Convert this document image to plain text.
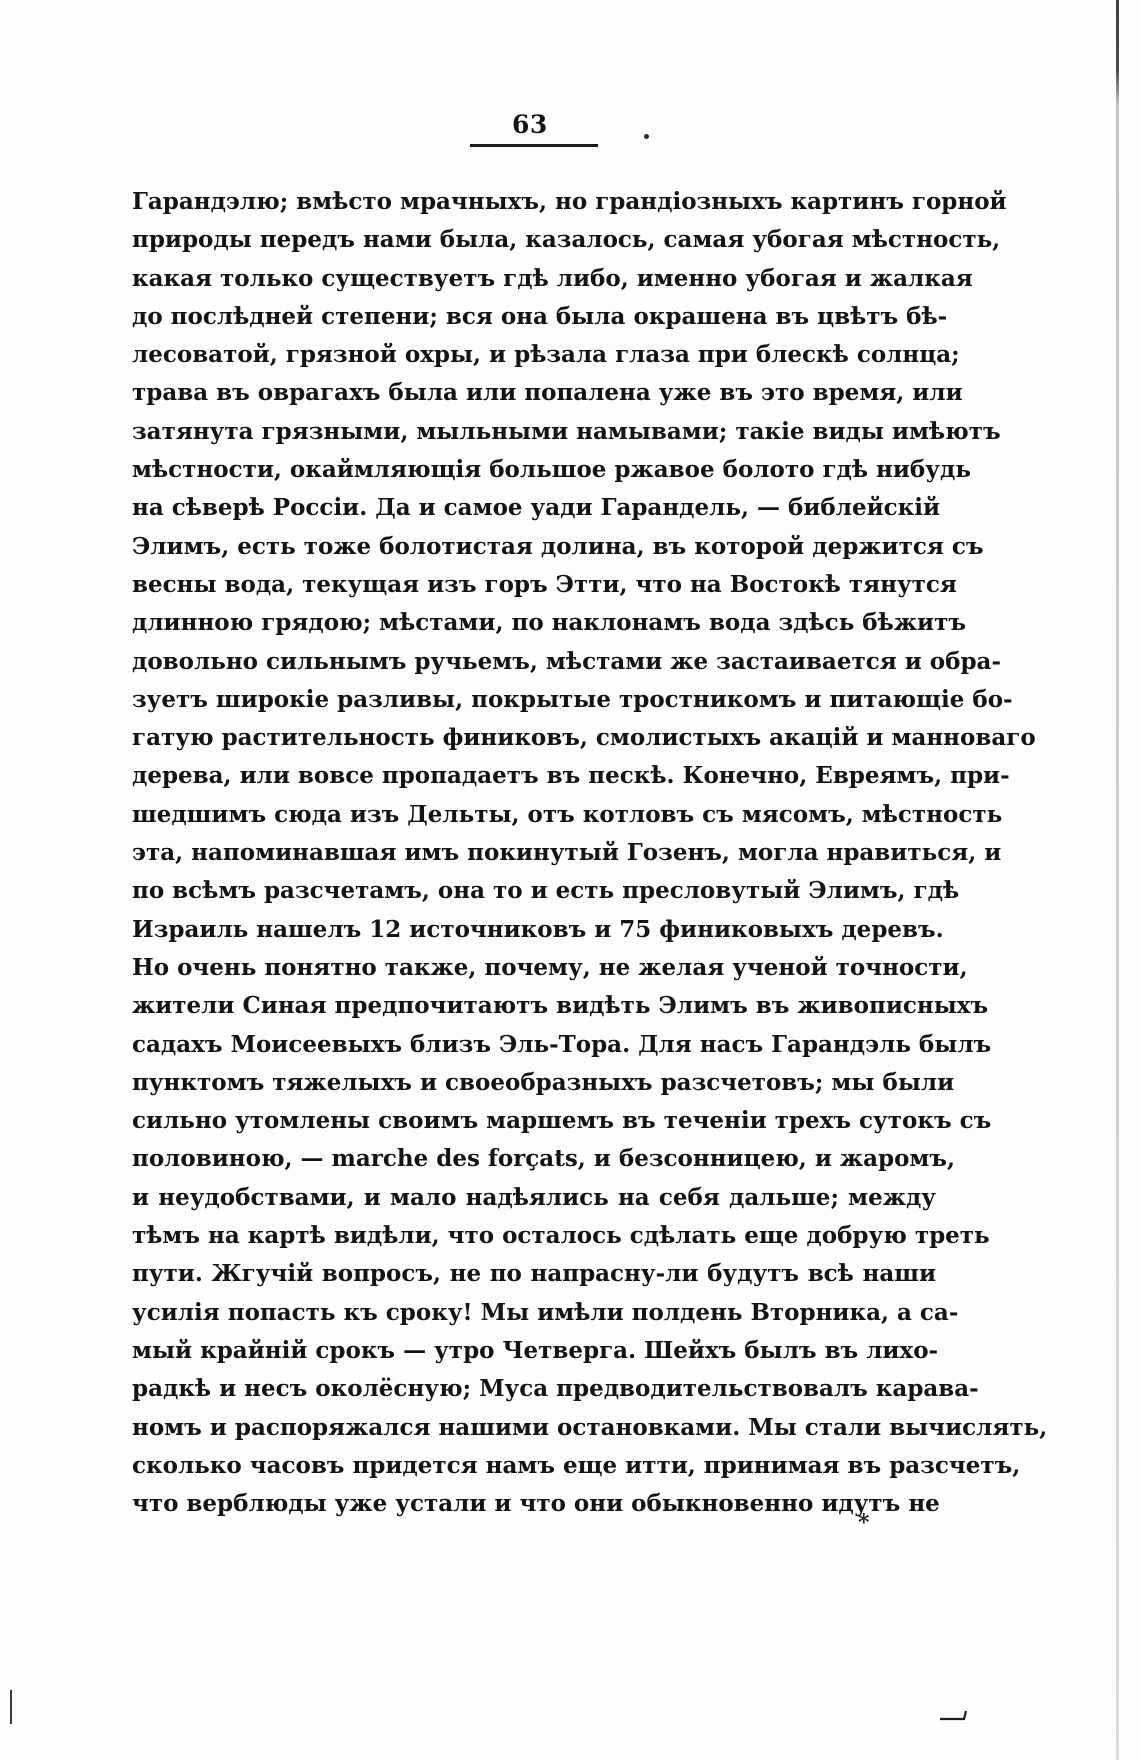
63
Гарандэлю; вмѣсто мрачныхъ, но грандiозныхъ картинъ горной
природы передъ нами была, казалось, самая убогая мѣстность,
какая только существуетъ гдѣ либо, именно убогая и жалкая
до послѣдней степени; вся она была окрашена въ цвѣтъ бѣ-
лесоватой, грязной охры, и рѣзала глаза при блескѣ солнца;
трава въ оврагахъ была или попалена уже въ это время, или
затянута грязными, мыльными намывами; такiе виды имѣютъ
мѣстности, окаймляющiя большое ржавое болото гдѣ нибудь
на сѣверѣ Россiи. Да и самое уади Гарандель, — библейскiй
Элимъ, есть тоже болотистая долина, въ которой держится съ
весны вода, текущая изъ горъ Этти, что на Востокѣ тянутся
длинною грядою; мѣстами, по наклонамъ вода здѣсь бѣжитъ
довольно сильнымъ ручьемъ, мѣстами же застаивается и обра-
зуетъ широкiе разливы, покрытые тростникомъ и питающiе бо-
гатую растительность финиковъ, смолистыхъ акацiй и манноваго
дерева, или вовсе пропадаетъ въ пескѣ. Конечно, Евреямъ, при-
шедшимъ сюда изъ Дельты, отъ котловъ съ мясомъ, мѣстность
эта, напоминавшая имъ покинутый Гозенъ, могла нравиться, и
по всѣмъ разсчетамъ, она то и есть пресловутый Элимъ, гдѣ
Израиль нашелъ 12 источниковъ и 75 финиковыхъ деревъ.
Но очень понятно также, почему, не желая ученой точности,
жители Синая предпочитаютъ видѣть Элимъ въ живописныхъ
садахъ Моисеевыхъ близъ Эль-Тора. Для насъ Гарандэль былъ
пунктомъ тяжелыхъ и своеобразныхъ разсчетовъ; мы были
сильно утомлены своимъ маршемъ въ теченiи трехъ сутокъ съ
половиною, — marche des forçats, и безсонницею, и жаромъ,
и неудобствами, и мало надѣялись на себя дальше; между
тѣмъ на картѣ видѣли, что осталось сдѣлать еще добрую треть
пути. Жгучiй вопросъ, не по напрасну-ли будутъ всѣ наши
усилiя попасть къ сроку! Мы имѣли полдень Вторника, а са-
мый крайнiй срокъ — утро Четверга. Шейхъ былъ въ лихо-
радкѣ и несъ околёсную; Муса предводительствовалъ карава-
номъ и распоряжался нашими остановками. Мы стали вычислять,
сколько часовъ придется намъ еще итти, принимая въ разсчетъ,
что верблюды уже устали и что они обыкновенно идутъ не
*
